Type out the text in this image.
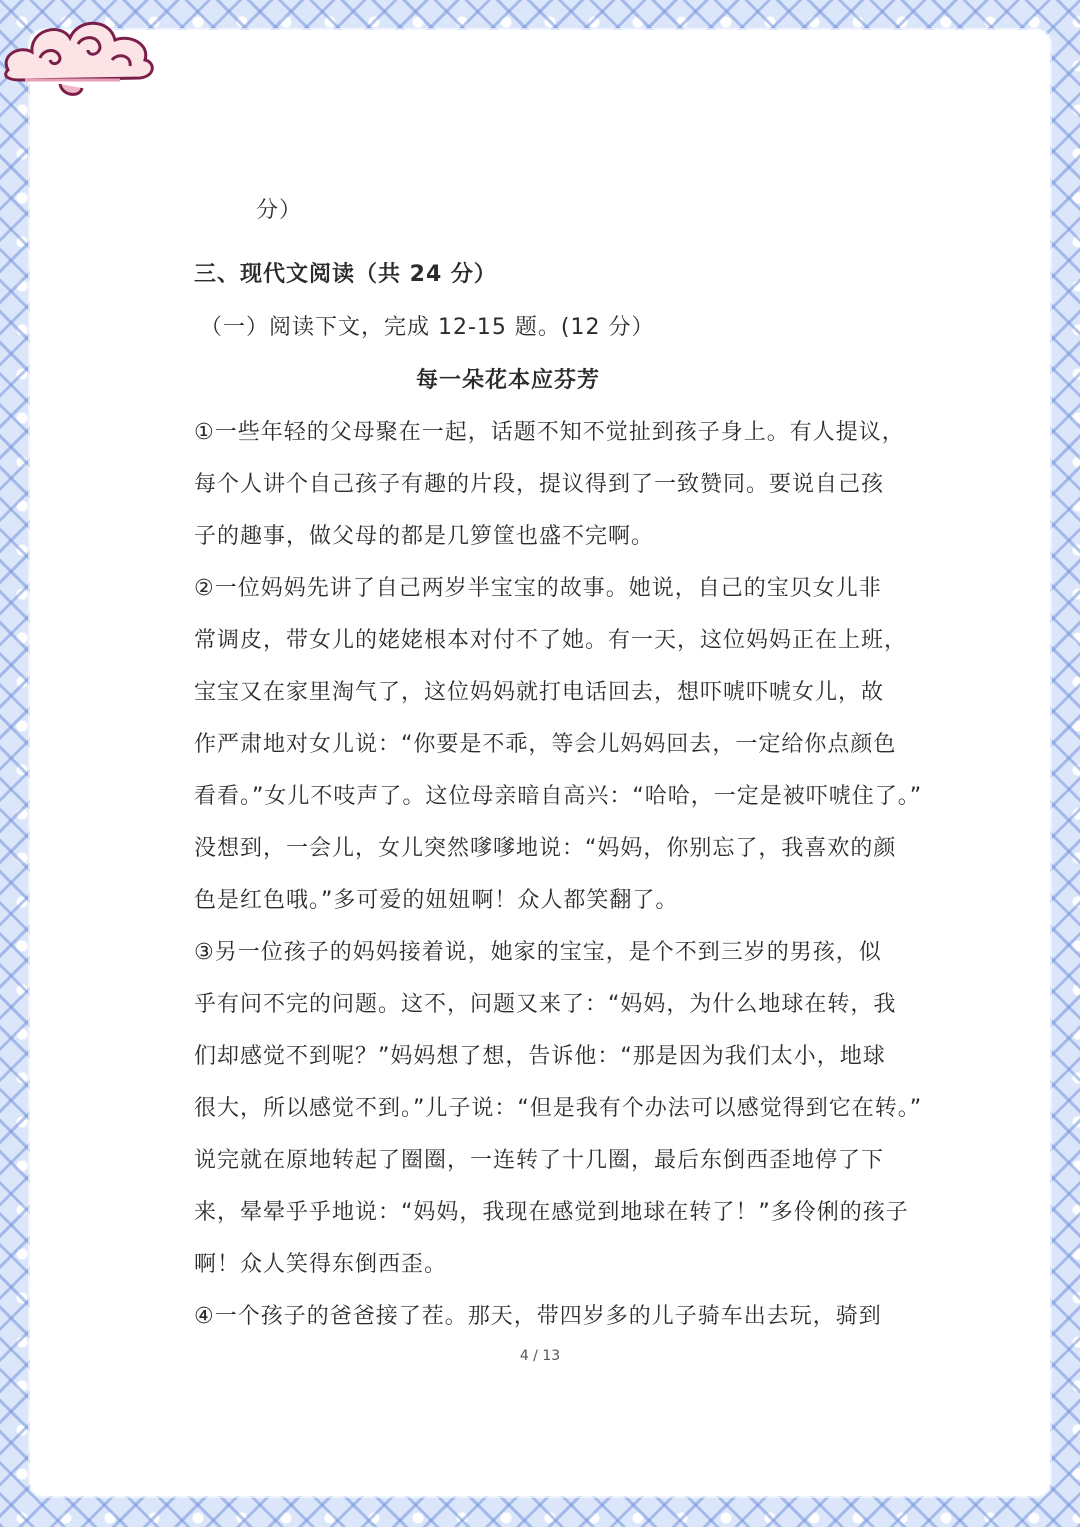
分）

三、现代文阅读（共 24 分）

（一）阅读下文，完成 12-15 题。(12 分）

每一朵花本应芬芳

①一些年轻的父母聚在一起，话题不知不觉扯到孩子身上。有人提议，

每个人讲个自己孩子有趣的片段，提议得到了一致赞同。要说自己孩

子的趣事，做父母的都是几箩筐也盛不完啊。

②一位妈妈先讲了自己两岁半宝宝的故事。她说，自己的宝贝女儿非

常调皮，带女儿的姥姥根本对付不了她。有一天，这位妈妈正在上班，

宝宝又在家里淘气了，这位妈妈就打电话回去，想吓唬吓唬女儿，故

作严肃地对女儿说：“你要是不乖，等会儿妈妈回去，一定给你点颜色

看看。”女儿不吱声了。这位母亲暗自高兴：“哈哈，一定是被吓唬住了。”

没想到，一会儿，女儿突然嗲嗲地说：“妈妈，你别忘了，我喜欢的颜

色是红色哦。”多可爱的妞妞啊！众人都笑翻了。

③另一位孩子的妈妈接着说，她家的宝宝，是个不到三岁的男孩，似

乎有问不完的问题。这不，问题又来了：“妈妈，为什么地球在转，我

们却感觉不到呢？”妈妈想了想，告诉他：“那是因为我们太小，地球

很大，所以感觉不到。”儿子说：“但是我有个办法可以感觉得到它在转。”

说完就在原地转起了圈圈，一连转了十几圈，最后东倒西歪地停了下

来，晕晕乎乎地说：“妈妈，我现在感觉到地球在转了！”多伶俐的孩子

啊！众人笑得东倒西歪。

④一个孩子的爸爸接了茬。那天，带四岁多的儿子骑车出去玩，骑到

4 / 13
